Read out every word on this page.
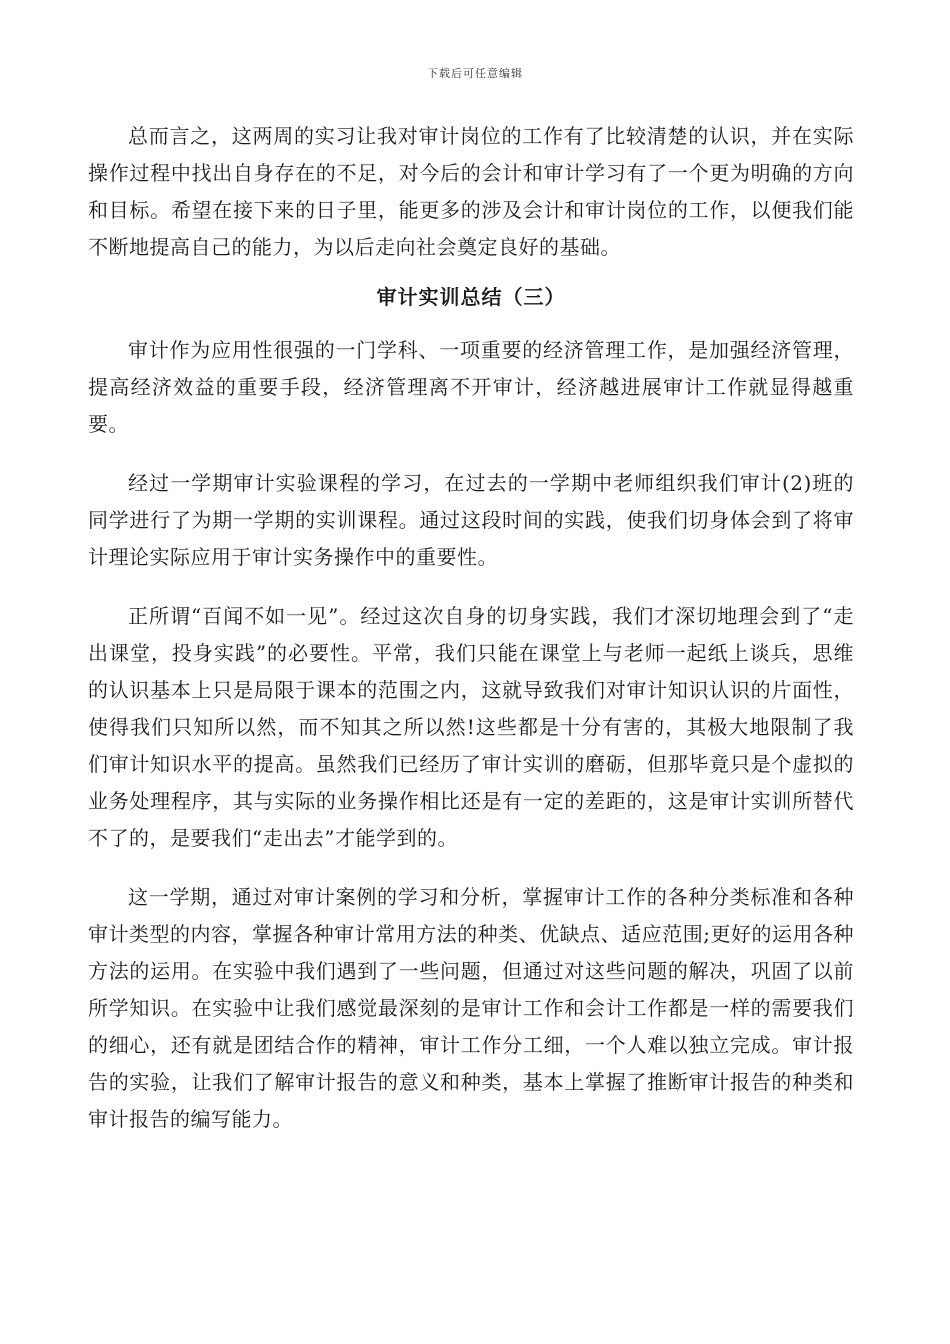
下载后可任意编辑

总而言之，这两周的实习让我对审计岗位的工作有了比较清楚的认识，并在实际操作过程中找出自身存在的不足，对今后的会计和审计学习有了一个更为明确的方向和目标。希望在接下来的日子里，能更多的涉及会计和审计岗位的工作，以便我们能不断地提高自己的能力，为以后走向社会奠定良好的基础。

审计实训总结（三）

审计作为应用性很强的一门学科、一项重要的经济管理工作，是加强经济管理，提高经济效益的重要手段，经济管理离不开审计，经济越进展审计工作就显得越重要。

经过一学期审计实验课程的学习，在过去的一学期中老师组织我们审计(2)班的同学进行了为期一学期的实训课程。通过这段时间的实践，使我们切身体会到了将审计理论实际应用于审计实务操作中的重要性。

正所谓“百闻不如一见”。经过这次自身的切身实践，我们才深切地理会到了“走出课堂，投身实践”的必要性。平常，我们只能在课堂上与老师一起纸上谈兵，思维的认识基本上只是局限于课本的范围之内，这就导致我们对审计知识认识的片面性，使得我们只知所以然，而不知其之所以然!这些都是十分有害的，其极大地限制了我们审计知识水平的提高。虽然我们已经历了审计实训的磨砺，但那毕竟只是个虚拟的业务处理程序，其与实际的业务操作相比还是有一定的差距的，这是审计实训所替代不了的，是要我们“走出去”才能学到的。

这一学期，通过对审计案例的学习和分析，掌握审计工作的各种分类标准和各种审计类型的内容，掌握各种审计常用方法的种类、优缺点、适应范围;更好的运用各种方法的运用。在实验中我们遇到了一些问题，但通过对这些问题的解决，巩固了以前所学知识。在实验中让我们感觉最深刻的是审计工作和会计工作都是一样的需要我们的细心，还有就是团结合作的精神，审计工作分工细，一个人难以独立完成。审计报告的实验，让我们了解审计报告的意义和种类，基本上掌握了推断审计报告的种类和审计报告的编写能力。
